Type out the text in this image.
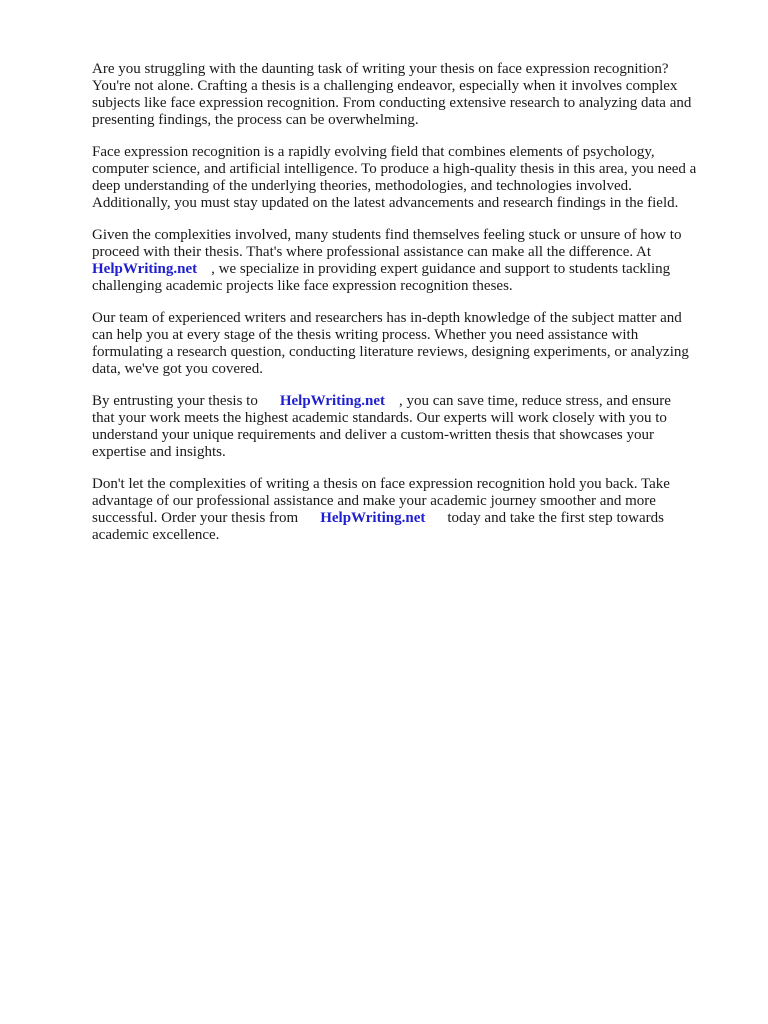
Are you struggling with the daunting task of writing your thesis on face expression recognition?
You're not alone. Crafting a thesis is a challenging endeavor, especially when it involves complex
subjects like face expression recognition. From conducting extensive research to analyzing data and
presenting findings, the process can be overwhelming.

Face expression recognition is a rapidly evolving field that combines elements of psychology,
computer science, and artificial intelligence. To produce a high-quality thesis in this area, you need a
deep understanding of the underlying theories, methodologies, and technologies involved.
Additionally, you must stay updated on the latest advancements and research findings in the field.

Given the complexities involved, many students find themselves feeling stuck or unsure of how to
proceed with their thesis. That's where professional assistance can make all the difference. At
HelpWriting.net , we specialize in providing expert guidance and support to students tackling
challenging academic projects like face expression recognition theses.

Our team of experienced writers and researchers has in-depth knowledge of the subject matter and
can help you at every stage of the thesis writing process. Whether you need assistance with
formulating a research question, conducting literature reviews, designing experiments, or analyzing
data, we've got you covered.

By entrusting your thesis to HelpWriting.net , you can save time, reduce stress, and ensure
that your work meets the highest academic standards. Our experts will work closely with you to
understand your unique requirements and deliver a custom-written thesis that showcases your
expertise and insights.

Don't let the complexities of writing a thesis on face expression recognition hold you back. Take
advantage of our professional assistance and make your academic journey smoother and more
successful. Order your thesis from HelpWriting.net today and take the first step towards
academic excellence.
